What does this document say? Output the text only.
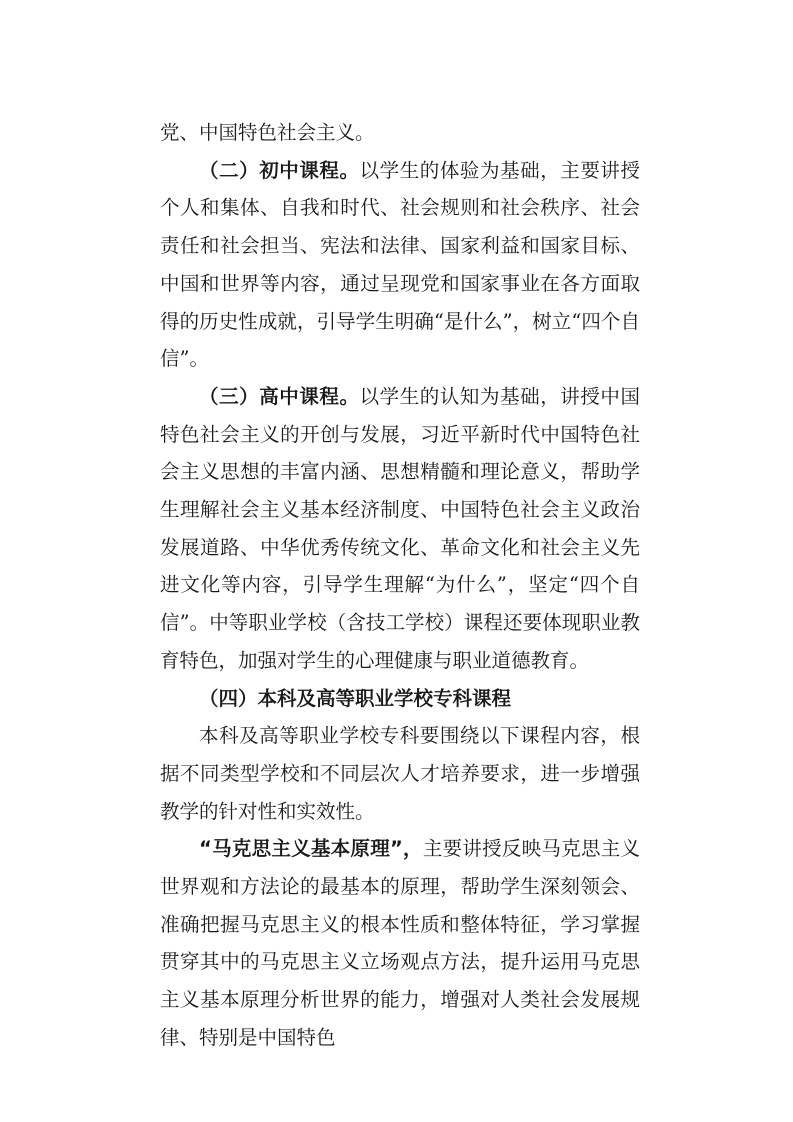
党、中国特色社会主义。

（二）初中课程。以学生的体验为基础，主要讲授个人和集体、自我和时代、社会规则和社会秩序、社会责任和社会担当、宪法和法律、国家利益和国家目标、中国和世界等内容，通过呈现党和国家事业在各方面取得的历史性成就，引导学生明确“是什么”，树立“四个自信”。

（三）高中课程。以学生的认知为基础，讲授中国特色社会主义的开创与发展，习近平新时代中国特色社会主义思想的丰富内涵、思想精髓和理论意义，帮助学生理解社会主义基本经济制度、中国特色社会主义政治发展道路、中华优秀传统文化、革命文化和社会主义先进文化等内容，引导学生理解“为什么”，坚定“四个自信”。中等职业学校（含技工学校）课程还要体现职业教育特色，加强对学生的心理健康与职业道德教育。

（四）本科及高等职业学校专科课程

本科及高等职业学校专科要围绕以下课程内容，根据不同类型学校和不同层次人才培养要求，进一步增强教学的针对性和实效性。

“马克思主义基本原理”，主要讲授反映马克思主义世界观和方法论的最基本的原理，帮助学生深刻领会、准确把握马克思主义的根本性质和整体特征，学习掌握贯穿其中的马克思主义立场观点方法，提升运用马克思主义基本原理分析世界的能力，增强对人类社会发展规律、特别是中国特色
